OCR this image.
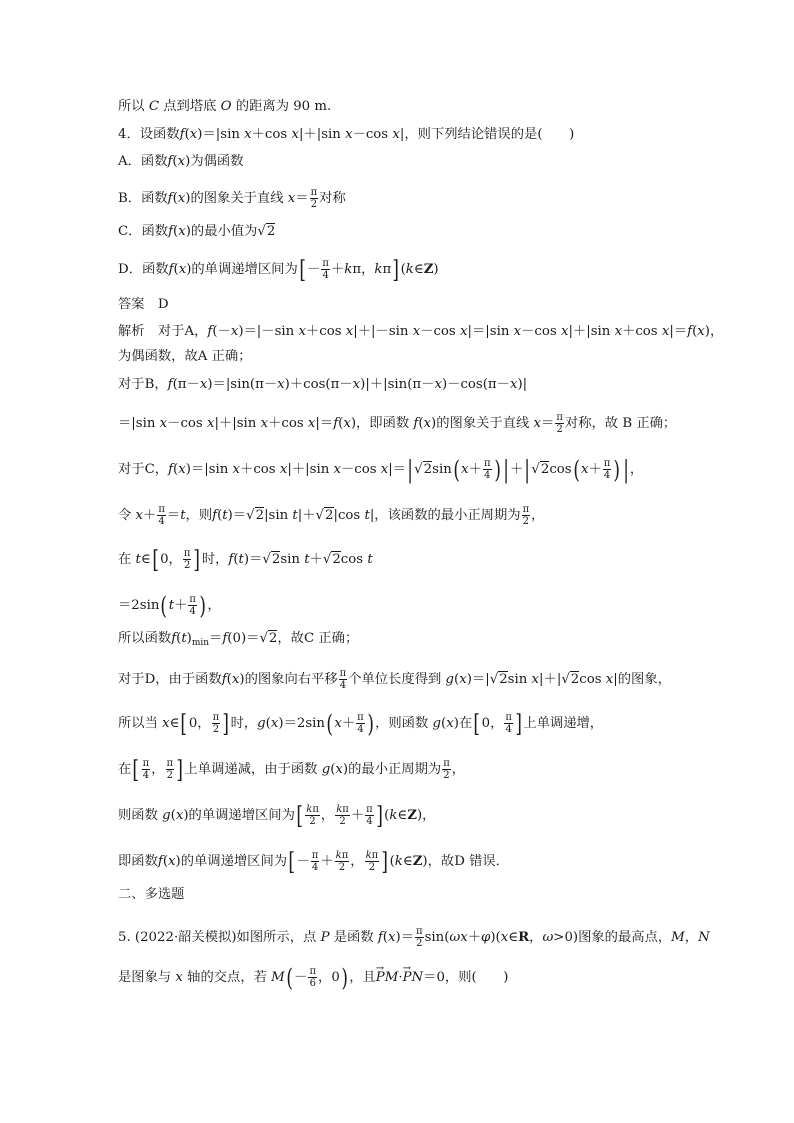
所以 C 点到塔底 O 的距离为 90 m.
4．设函数f(x)＝|sin x＋cos x|＋|sin x－cos x|，则下列结论错误的是(　　)
A．函数f(x)为偶函数
B．函数f(x)的图象关于直线 $x= \frac{\pi}{2}$ 对称
C．函数f(x)的最小值为√2
D．函数f(x)的单调递增区间为[－ $\frac{\pi}{4} +k\pi$，kπ](k∈Z)
答案　D
解析　对于A，f(－x)＝|－sin x＋cos x|＋|－sin x－cos x|＝|sin x－cos x|＋|sin x＋cos x|＝f(x)，
为偶函数，故A 正确；
对于B，f(π－x)＝|sin(π－x)＋cos(π－x)|＋|sin(π－x)－cos(π－x)|
＝|sin x－cos x|＋|sin x＋cos x|＝f(x)，即函数 f(x)的图象关于直线 $x= \frac{\pi}{2}$ 对称，故 B 正确；
对于C，f(x)＝|sin x＋cos x|＋|sin x－cos $x|=|√2\sin(x+ \frac{\pi}{4}$ ) $|+|√2\cos(x+ \frac{\pi}{4}$ ) |，
令 $x+ \frac{\pi}{4} =t$，则f(t)＝√2|sin t|＋√2|cos t|，该函数的最小正周期为 $\frac{\pi}{2}$ ，
在 t∈[0， $\frac{\pi}{2}$ ]时，f(t)＝√2sin t＋√2cos t
$=2\sin(t+ \frac{\pi}{4}$ )，
所以函数$f(t)_{min}=f(0)=√2$，故C 正确；
对于D，由于函数f(x)的图象向右平移 $\frac{\pi}{4}$ 个单位长度得到 g(x)＝|√2sin x|＋|√2cos x|的图象，
所以当 x∈[0， $\frac{\pi}{2}$ ]时，$g(x)=2\sin(x+ \frac{\pi}{4}$ )，则函数 g(x)在[0， $\frac{\pi}{4}$ ]上单调递增，
在[ $\frac{\pi}{4}$ ， $\frac{\pi}{2}$ ]上单调递减，由于函数 g(x)的最小正周期为 $\frac{\pi}{2}$ ，
则函数 g(x)的单调递增区间为[ $\frac{k\pi}{2}$ ， $\frac{k\pi}{2} + \frac{\pi}{4}$ ](k∈Z)，
即函数f(x)的单调递增区间为[－ $\frac{\pi}{4} + \frac{k\pi}{2}$ ， $\frac{k\pi}{2}$ ](k∈Z)，故D 错误．
二、多选题
5. (2022·韶关模拟)如图所示，点 P 是函数 $f(x)= \frac{\pi}{2}$ sin(ωx＋φ)(x∈R，ω>0)图象的最高点，M，N
是图象与 x 轴的交点，若 $M(- \frac{\pi}{6}$ ，0)，且→ PM·→ PN＝0，则(　　)
